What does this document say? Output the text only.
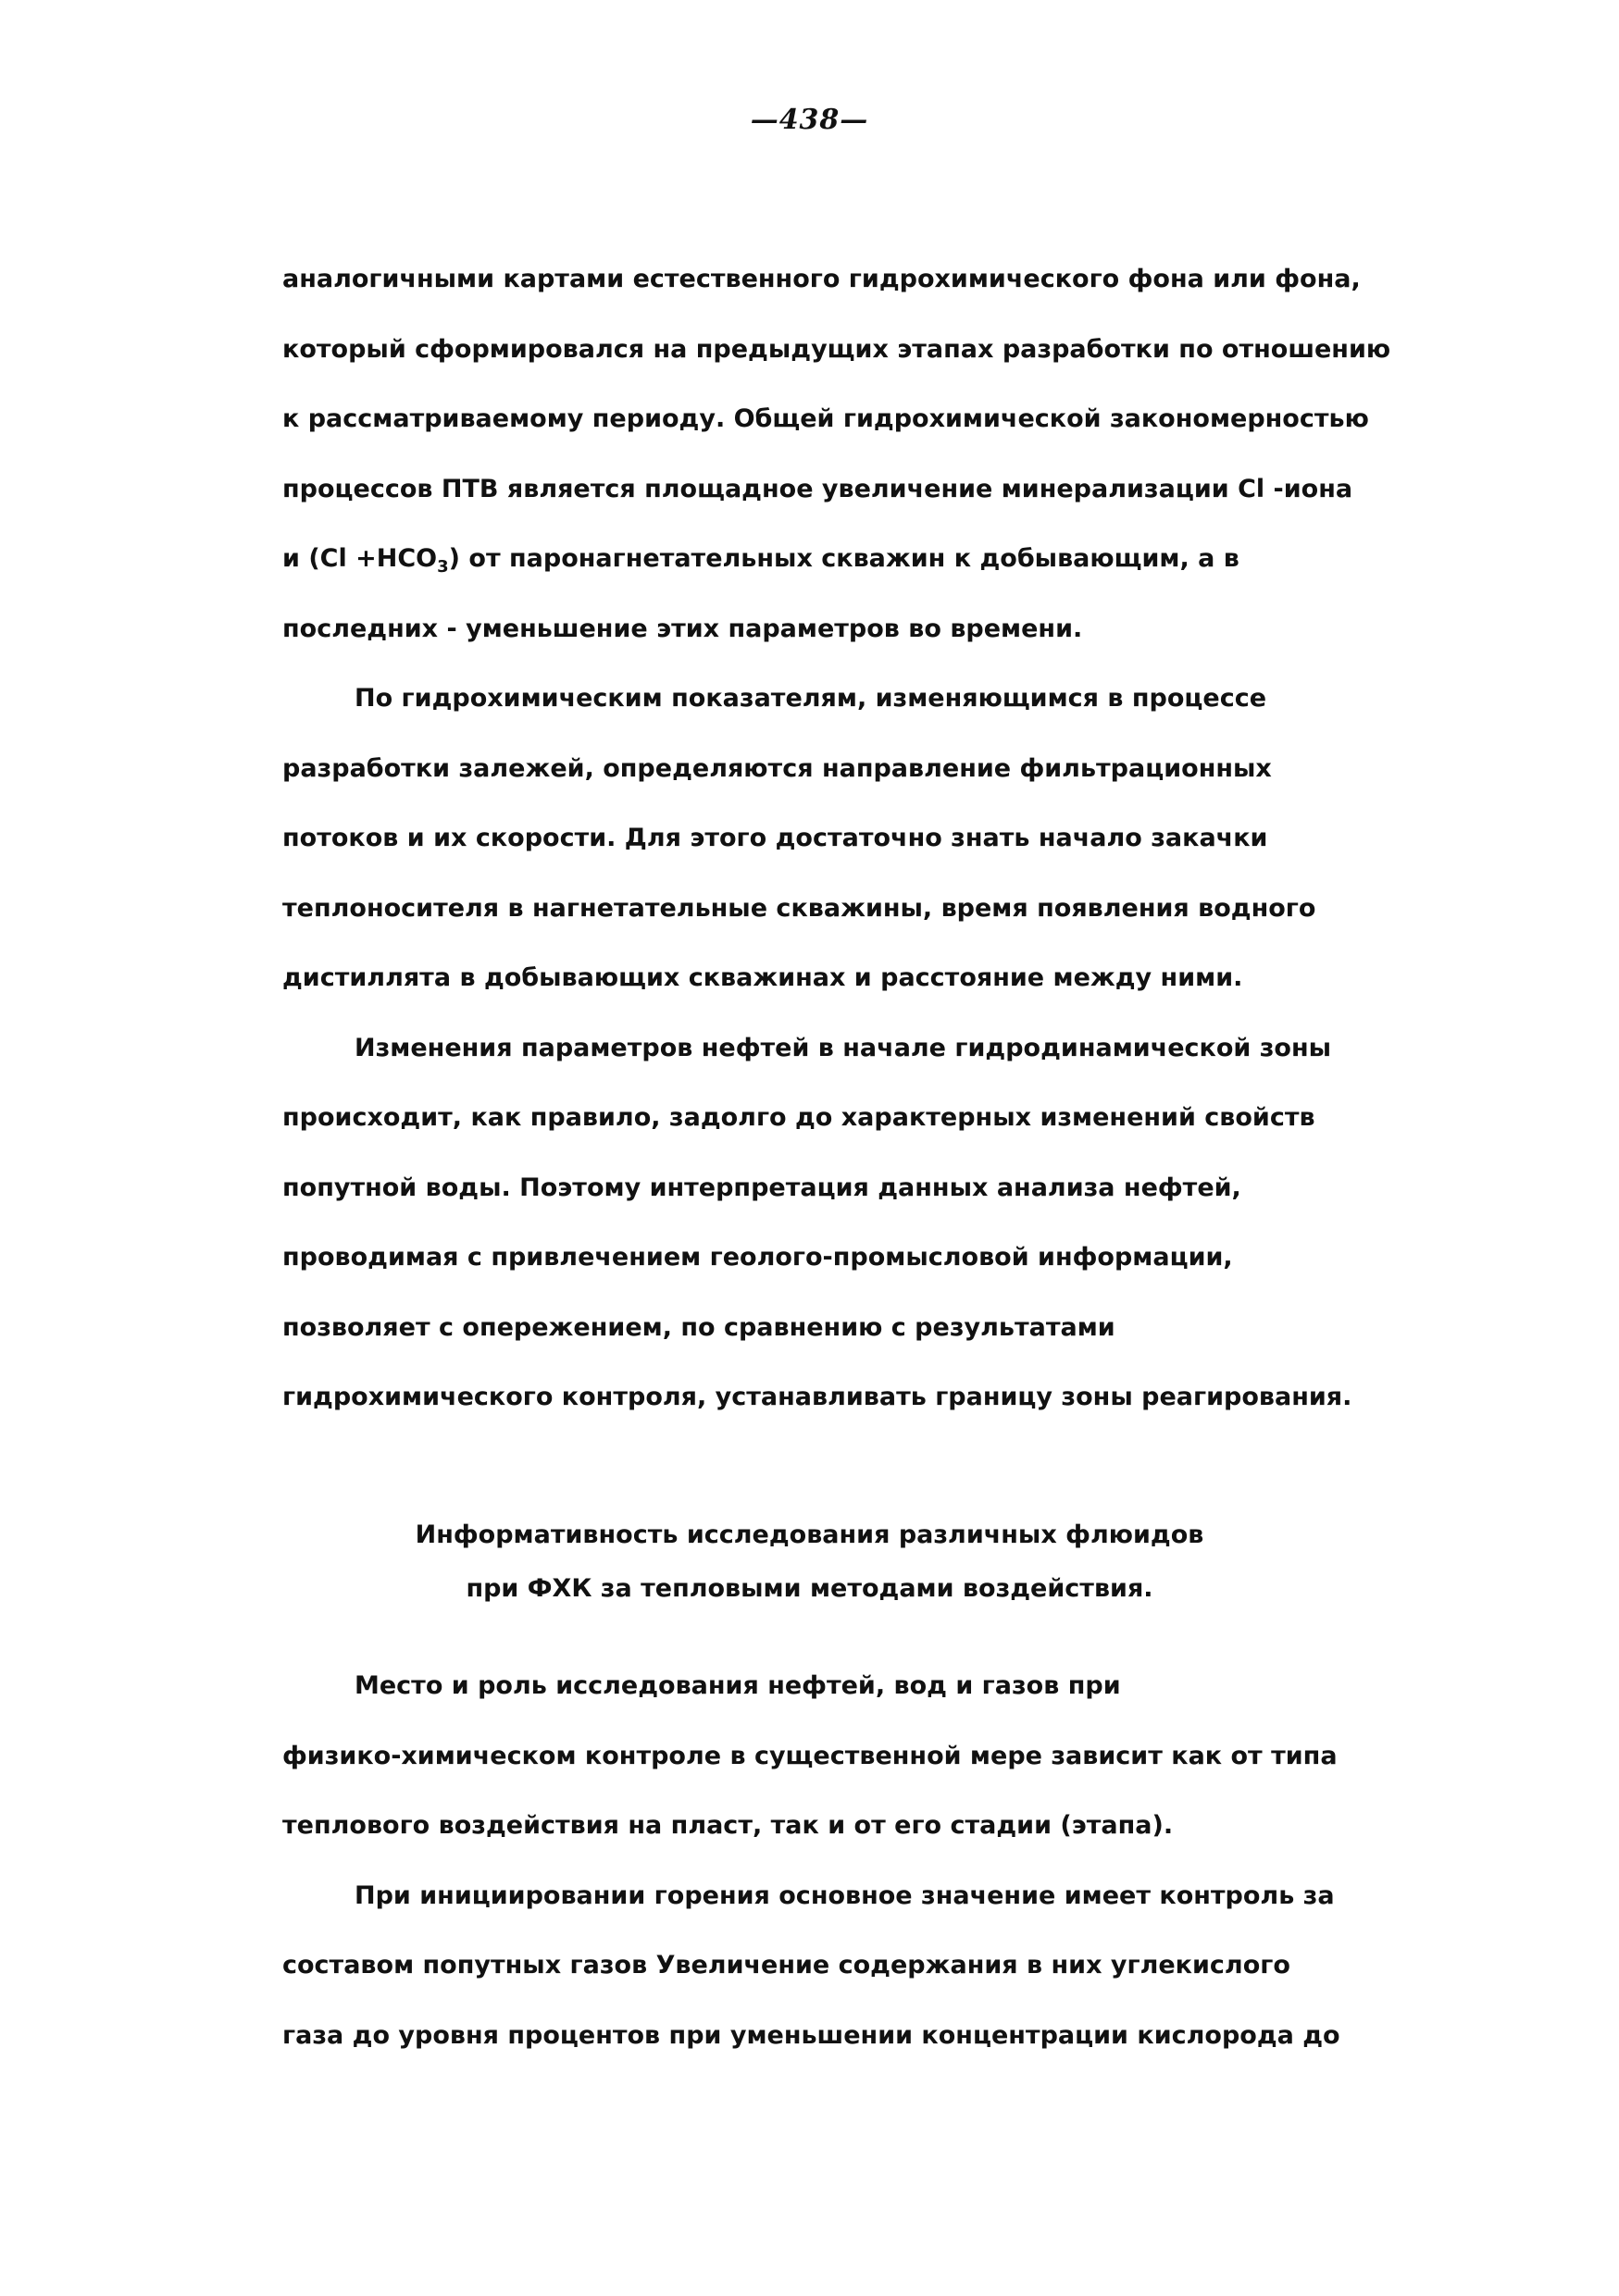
—438—
аналогичными картами естественного гидрохимического фона или фона,
который сформировался на предыдущих этапах разработки по отношению
к рассматриваемому периоду. Общей гидрохимической закономерностью
процессов ПТВ является площадное увеличение минерализации Cl -иона
и $(Cl +HCO_3)$ от паронагнетательных скважин к добывающим, а в
последних - уменьшение этих параметров во времени.
По гидрохимическим показателям, изменяющимся в процессе
разработки залежей, определяются направление фильтрационных
потоков и их скорости. Для этого достаточно знать начало закачки
теплоносителя в нагнетательные скважины, время появления водного
дистиллята в добывающих скважинах и расстояние между ними.
Изменения параметров нефтей в начале гидродинамической зоны
происходит, как правило, задолго до характерных изменений свойств
попутной воды. Поэтому интерпретация данных анализа нефтей,
проводимая с привлечением геолого-промысловой информации,
позволяет с опережением, по сравнению с результатами
гидрохимического контроля, устанавливать границу зоны реагирования.
Информативность исследования различных флюидов
при ФХК за тепловыми методами воздействия.
Место и роль исследования нефтей, вод и газов при
физико-химическом контроле в существенной мере зависит как от типа
теплового воздействия на пласт, так и от его стадии (этапа).
При инициировании горения основное значение имеет контроль за
составом попутных газов Увеличение содержания в них углекислого
газа до уровня процентов при уменьшении концентрации кислорода до
